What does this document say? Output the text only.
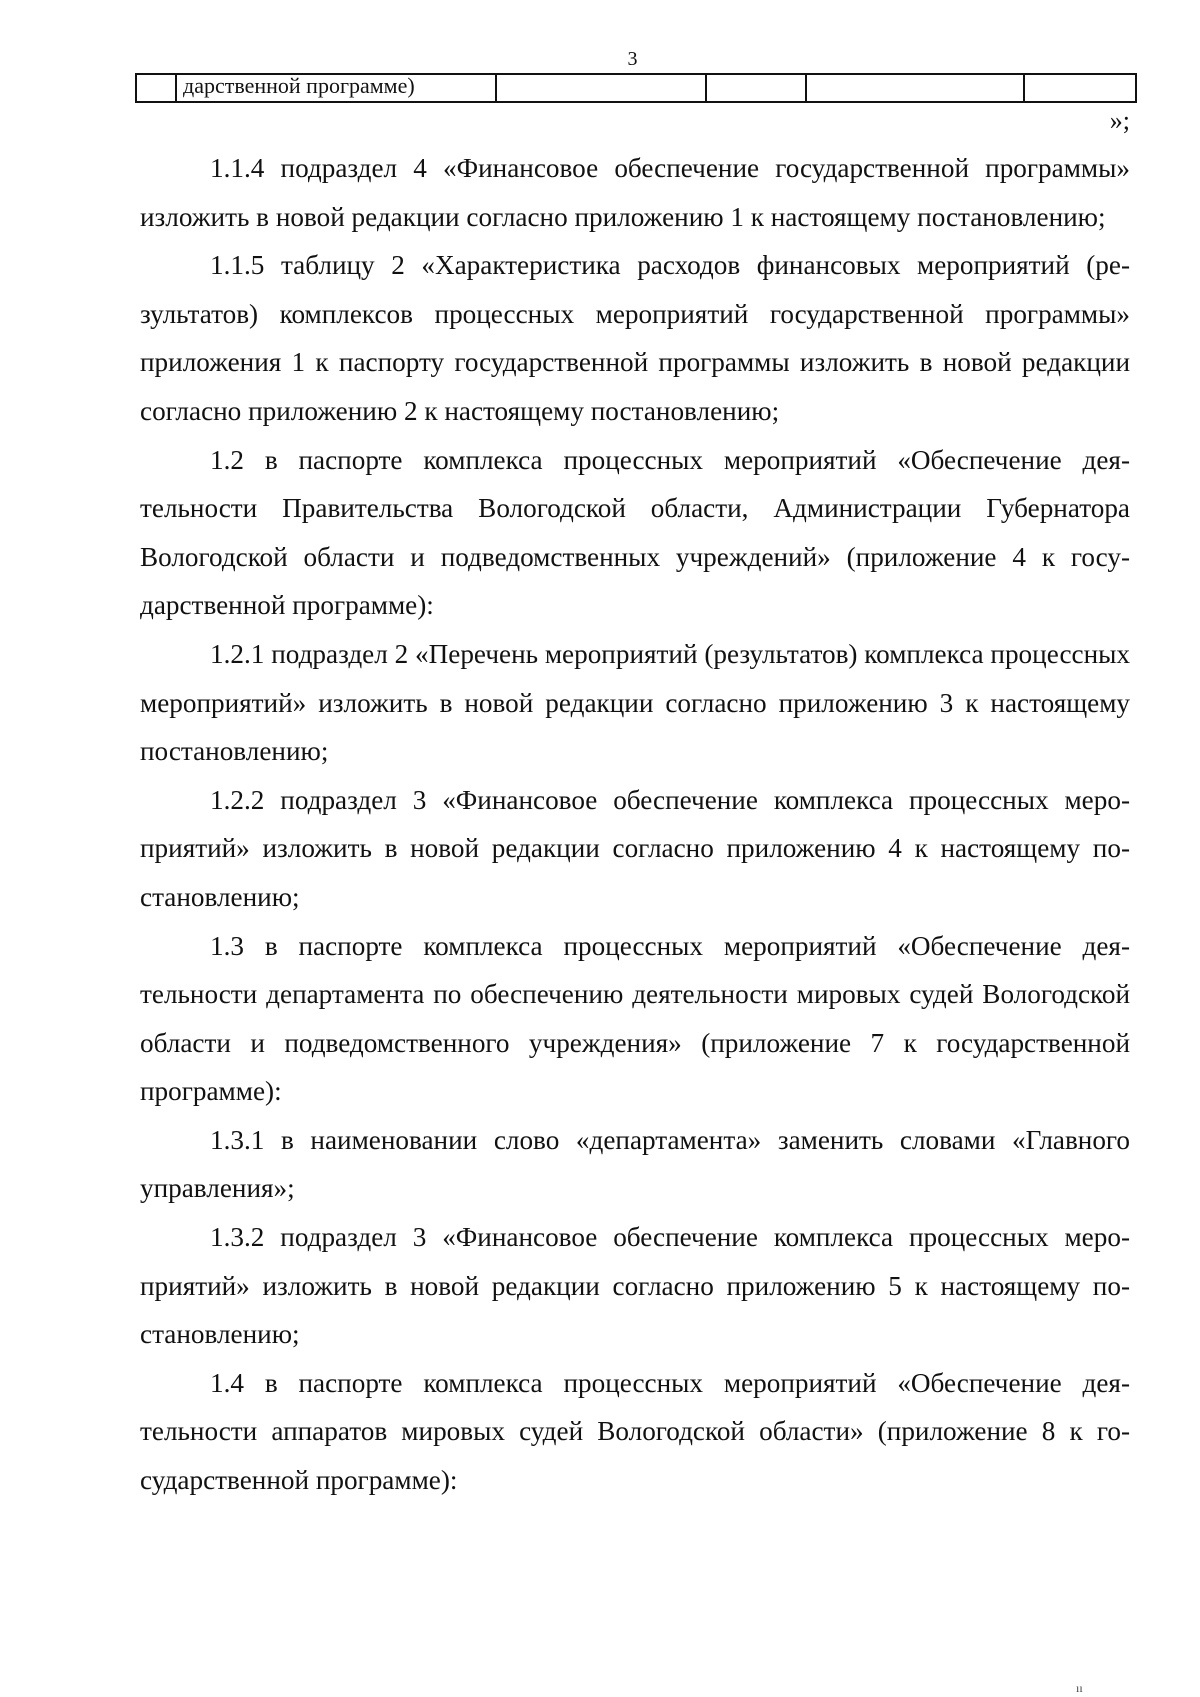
3
	дарственной программе)				
»;

1.1.4 подраздел 4 «Финансовое обеспечение государственной программы» изложить в новой редакции согласно приложению 1 к настоящему постановлению;

1.1.5 таблицу 2 «Характеристика расходов финансовых мероприятий (результатов) комплексов процессных мероприятий государственной программы» приложения 1 к паспорту государственной программы изложить в новой редакции согласно приложению 2 к настоящему постановлению;

1.2 в паспорте комплекса процессных мероприятий «Обеспечение деятельности Правительства Вологодской области, Администрации Губернатора Вологодской области и подведомственных учреждений» (приложение 4 к государственной программе):

1.2.1 подраздел 2 «Перечень мероприятий (результатов) комплекса процессных мероприятий» изложить в новой редакции согласно приложению 3 к настоящему постановлению;

1.2.2 подраздел 3 «Финансовое обеспечение комплекса процессных мероприятий» изложить в новой редакции согласно приложению 4 к настоящему постановлению;

1.3 в паспорте комплекса процессных мероприятий «Обеспечение деятельности департамента по обеспечению деятельности мировых судей Вологодской области и подведомственного учреждения» (приложение 7 к государственной программе):

1.3.1 в наименовании слово «департамента» заменить словами «Главного управления»;

1.3.2 подраздел 3 «Финансовое обеспечение комплекса процессных мероприятий» изложить в новой редакции согласно приложению 5 к настоящему постановлению;

1.4 в паспорте комплекса процессных мероприятий «Обеспечение деятельности аппаратов мировых судей Вологодской области» (приложение 8 к государственной программе):

ıı
